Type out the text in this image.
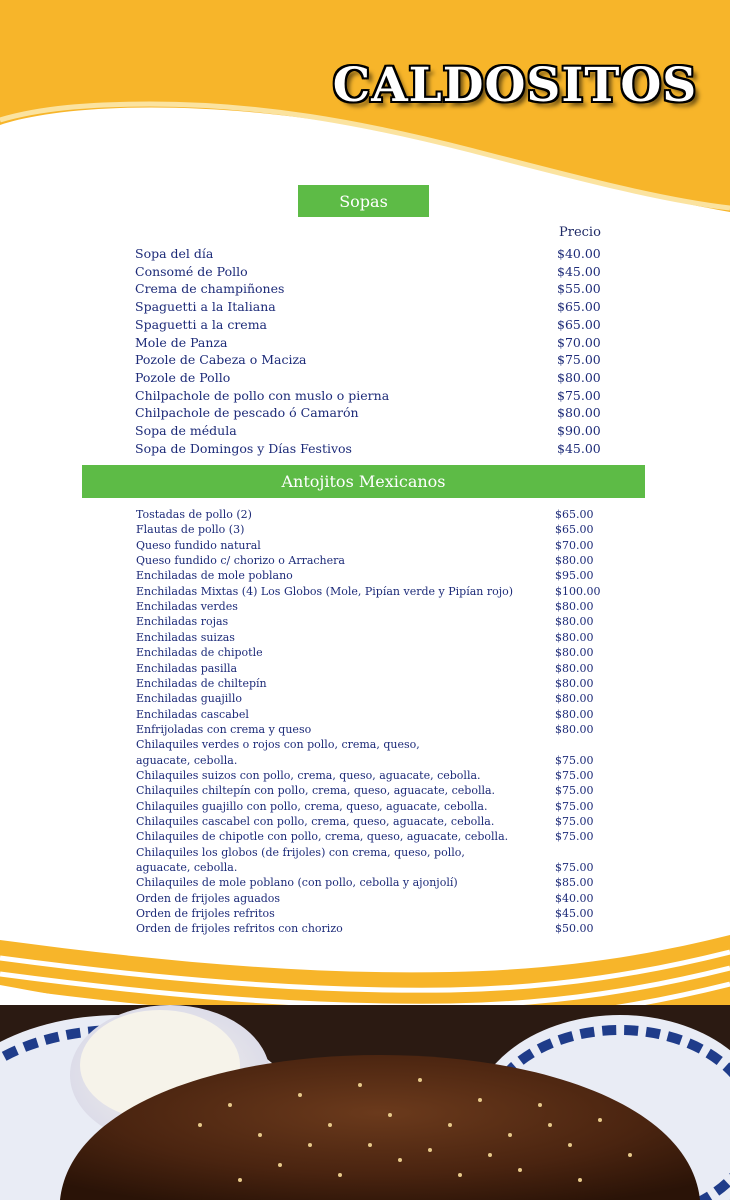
CALDOSITOS
Sopas
Precio
Sopa del día	$40.00
Consomé de Pollo	$45.00
Crema de champiñones	$55.00
Spaguetti a la Italiana	$65.00
Spaguetti a la crema	$65.00
Mole de Panza	$70.00
Pozole de Cabeza o Maciza	$75.00
Pozole de Pollo	$80.00
Chilpachole de pollo con muslo o pierna	$75.00
Chilpachole de pescado ó Camarón	$80.00
Sopa de médula	$90.00
Sopa de Domingos y Días Festivos	$45.00
Antojitos Mexicanos
Tostadas de pollo (2)	$65.00
Flautas de pollo (3)	$65.00
Queso fundido natural	$70.00
Queso fundido c/ chorizo o Arrachera	$80.00
Enchiladas de mole poblano	$95.00
Enchiladas Mixtas (4) Los Globos (Mole, Pipían verde y Pipían rojo)	$100.00
Enchiladas verdes	$80.00
Enchiladas rojas	$80.00
Enchiladas suizas	$80.00
Enchiladas de chipotle	$80.00
Enchiladas pasilla	$80.00
Enchiladas de chiltepín	$80.00
Enchiladas guajillo	$80.00
Enchiladas cascabel	$80.00
Enfrijoladas con crema y queso	$80.00
Chilaquiles verdes o rojos con pollo, crema, queso,
aguacate, cebolla.	$75.00
Chilaquiles suizos con pollo, crema, queso, aguacate, cebolla.	$75.00
Chilaquiles chiltepín con pollo, crema, queso, aguacate, cebolla.	$75.00
Chilaquiles guajillo con pollo, crema, queso, aguacate, cebolla.	$75.00
Chilaquiles cascabel con pollo, crema, queso, aguacate, cebolla.	$75.00
Chilaquiles de chipotle con pollo, crema, queso, aguacate, cebolla.	$75.00
Chilaquiles los globos (de frijoles) con crema, queso, pollo,
aguacate, cebolla.	$75.00
Chilaquiles de mole poblano (con pollo, cebolla y ajonjolí)	$85.00
Orden de frijoles aguados	$40.00
Orden de frijoles refritos	$45.00
Orden de frijoles refritos con chorizo	$50.00
